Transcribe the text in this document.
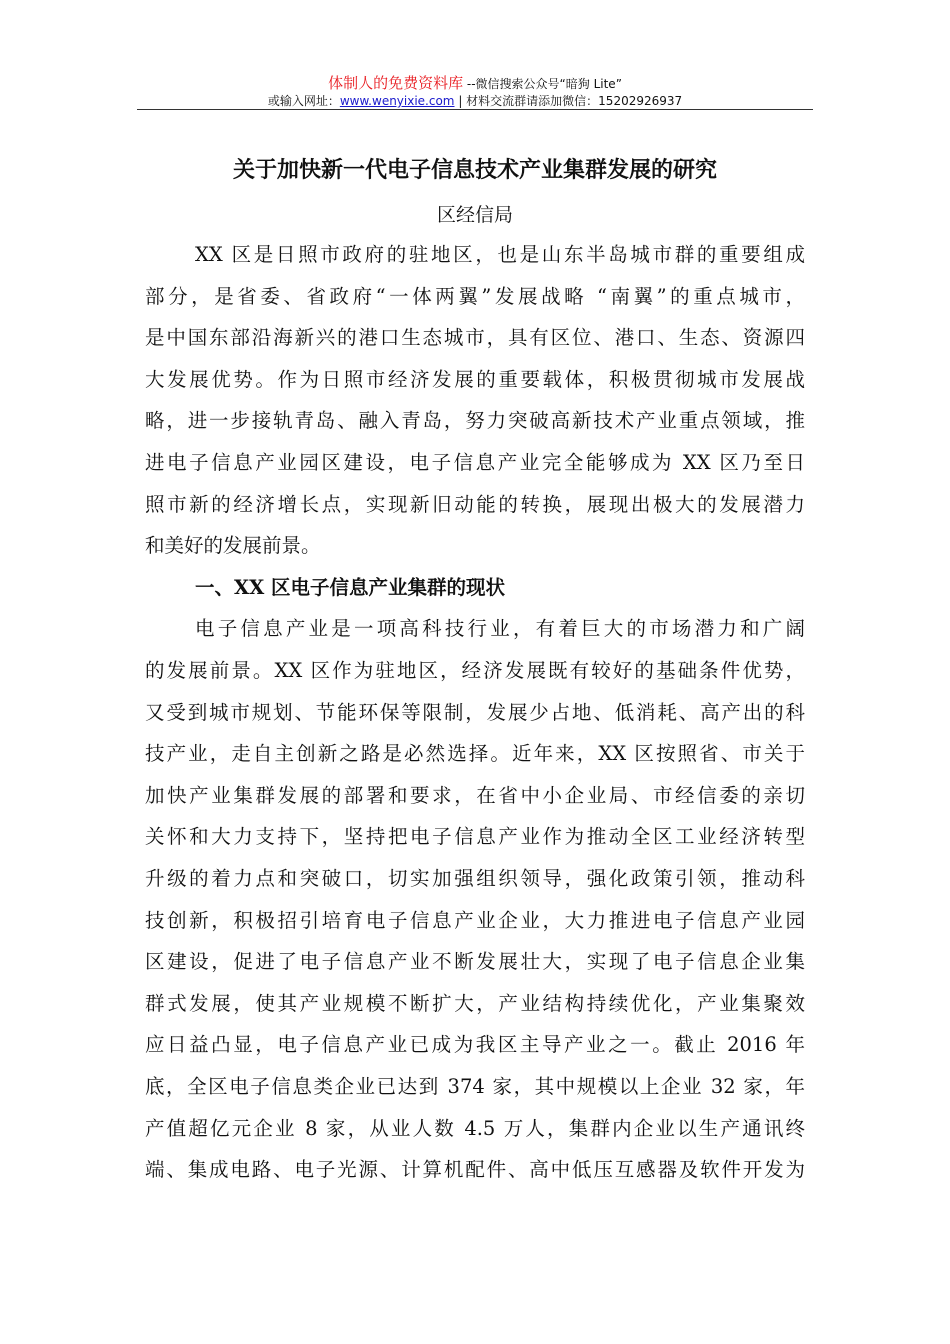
体制人的免费资料库 --微信搜索公众号“暗狗 Lite”
或输入网址：www.wenyixie.com | 材料交流群请添加微信：15202926937
关于加快新一代电子信息技术产业集群发展的研究
区经信局
XX 区是日照市政府的驻地区，也是山东半岛城市群的重要组成
部分，是省委、省政府“一体两翼”发展战略 “南翼”的重点城市，
是中国东部沿海新兴的港口生态城市，具有区位、港口、生态、资源四
大发展优势。作为日照市经济发展的重要载体，积极贯彻城市发展战
略，进一步接轨青岛、融入青岛，努力突破高新技术产业重点领域，推
进电子信息产业园区建设，电子信息产业完全能够成为 XX 区乃至日
照市新的经济增长点，实现新旧动能的转换，展现出极大的发展潜力
和美好的发展前景。
一、XX 区电子信息产业集群的现状
电子信息产业是一项高科技行业，有着巨大的市场潜力和广阔
的发展前景。XX 区作为驻地区，经济发展既有较好的基础条件优势，
又受到城市规划、节能环保等限制，发展少占地、低消耗、高产出的科
技产业，走自主创新之路是必然选择。近年来，XX 区按照省、市关于
加快产业集群发展的部署和要求，在省中小企业局、市经信委的亲切
关怀和大力支持下，坚持把电子信息产业作为推动全区工业经济转型
升级的着力点和突破口，切实加强组织领导，强化政策引领，推动科
技创新，积极招引培育电子信息产业企业，大力推进电子信息产业园
区建设，促进了电子信息产业不断发展壮大，实现了电子信息企业集
群式发展，使其产业规模不断扩大，产业结构持续优化，产业集聚效
应日益凸显，电子信息产业已成为我区主导产业之一。截止 2016 年
底，全区电子信息类企业已达到 374 家，其中规模以上企业 32 家，年
产值超亿元企业 8 家，从业人数 4.5 万人，集群内企业以生产通讯终
端、集成电路、电子光源、计算机配件、高中低压互感器及软件开发为
